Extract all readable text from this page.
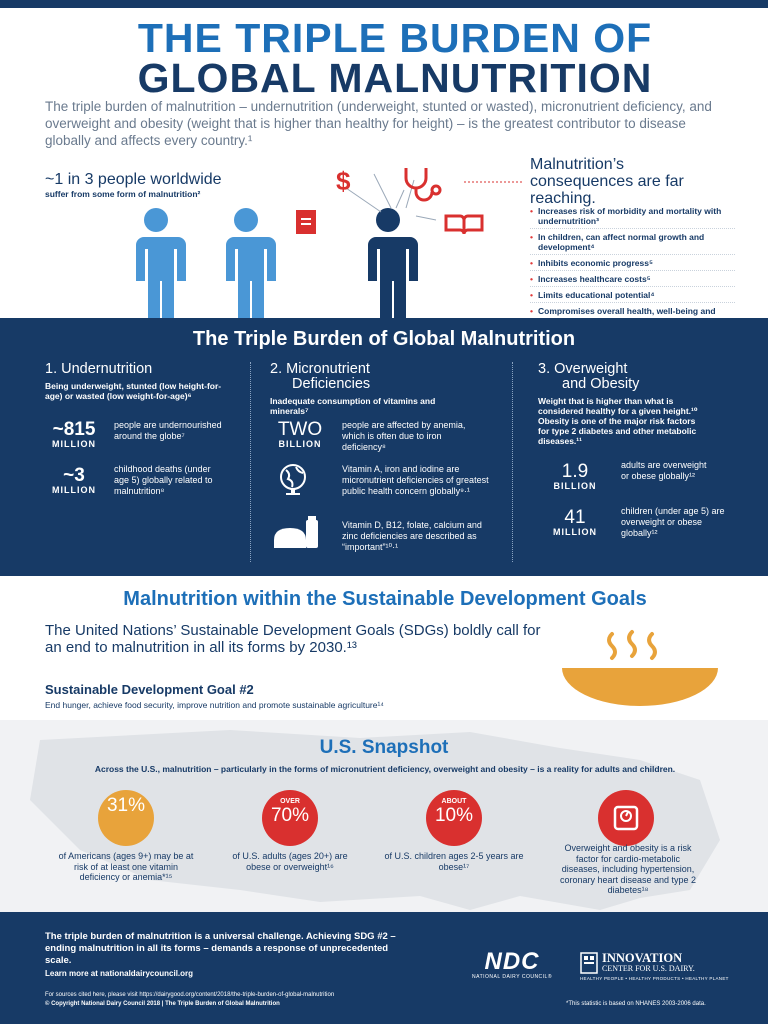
THE TRIPLE BURDEN OF
GLOBAL MALNUTRITION

The triple burden of malnutrition – undernutrition (underweight, stunted or wasted), micronutrient deficiency, and overweight and obesity (weight that is higher than healthy for height) – is the greatest contributor to disease globally and affects every country.¹

~1 in 3 people worldwide
suffer from some form of malnutrition²	$
Malnutrition’s consequences are far reaching.
• Increases risk of morbidity and mortality with undernutrition³
• In children, can affect normal growth and development⁴
• Inhibits economic progress⁵
• Increases healthcare costs⁵
• Limits educational potential⁴
• Compromises overall health, well-being and
The Triple Burden of Global Malnutrition
1. Undernutrition
Being underweight, stunted (low height-for-age) or wasted (low weight-for-age)⁶
~815
MILLION
people are undernourished around the globe⁷
~3
MILLION
childhood deaths (under age 5) globally related to malnutrition⁸
2. Micronutrient
Deficiencies
Inadequate consumption of vitamins and minerals⁷
TWO
BILLION
people are affected by anemia, which is often due to iron deficiency⁸
Vitamin A, iron and iodine are micronutrient deficiencies of greatest public health concern globally⁹·¹
Vitamin D, B12, folate, calcium and zinc deficiencies are described as “important”¹⁰·¹
3. Overweight
and Obesity
Weight that is higher than what is considered healthy for a given height.¹⁰ Obesity is one of the major risk factors for type 2 diabetes and other metabolic diseases.¹¹
1.9
BILLION
adults are overweight or obese globally¹²
41
MILLION
children (under age 5) are overweight or obese globally¹²
Malnutrition within the Sustainable Development Goals

The United Nations’ Sustainable Development Goals (SDGs) boldly call for an end to malnutrition in all its forms by 2030.¹³

Sustainable Development Goal #2
End hunger, achieve food security, improve nutrition and promote sustainable agriculture¹⁴
U.S. Snapshot

Across the U.S., malnutrition – particularly in the forms of micronutrient deficiency, overweight and obesity – is a reality for adults and children.

31%
of Americans (ages 9+) may be at risk of at least one vitamin deficiency or anemia*¹⁵
OVER
70%
of U.S. adults (ages 20+) are obese or overweight¹⁶
ABOUT
10%
of U.S. children ages 2-5 years are obese¹⁷
Overweight and obesity is a risk factor for cardio-metabolic diseases, including hypertension, coronary heart disease and type 2 diabetes¹⁸
The triple burden of malnutrition is a universal challenge. Achieving SDG #2 – ending malnutrition in all its forms – demands a response of unprecedented scale.
Learn more at nationaldairycouncil.org
For sources cited here, please visit https://dairygood.org/content/2018/the-triple-burden-of-global-malnutrition
© Copyright National Dairy Council 2018 | The Triple Burden of Global Malnutrition	*This statistic is based on NHANES 2003-2006 data.
NDC
NATIONAL DAIRY COUNCIL®
INNOVATION
CENTER FOR U.S. DAIRY.
HEALTHY PEOPLE • HEALTHY PRODUCTS • HEALTHY PLANET
